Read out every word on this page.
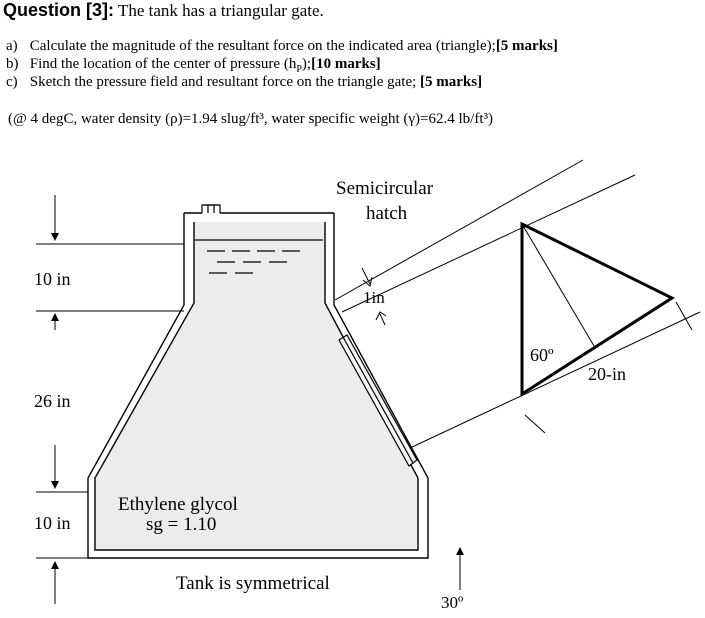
Question [3]: The tank has a triangular gate.
a) Calculate the magnitude of the resultant force on the indicated area (triangle);[5 marks]
b) Find the location of the center of pressure $(h_P);[10$ marks]
c) Sketch the pressure field and resultant force on the triangle gate; [5 marks]
(@ 4 degC, water density (ρ)=1.94 slug/ft³, water specific weight (γ)=62.4 lb/ft³)
Semicircular
hatch
10 in
26 in
10 in
1in
60º
20-in
Ethylene glycol
sg = 1.10
Tank is symmetrical
30º
